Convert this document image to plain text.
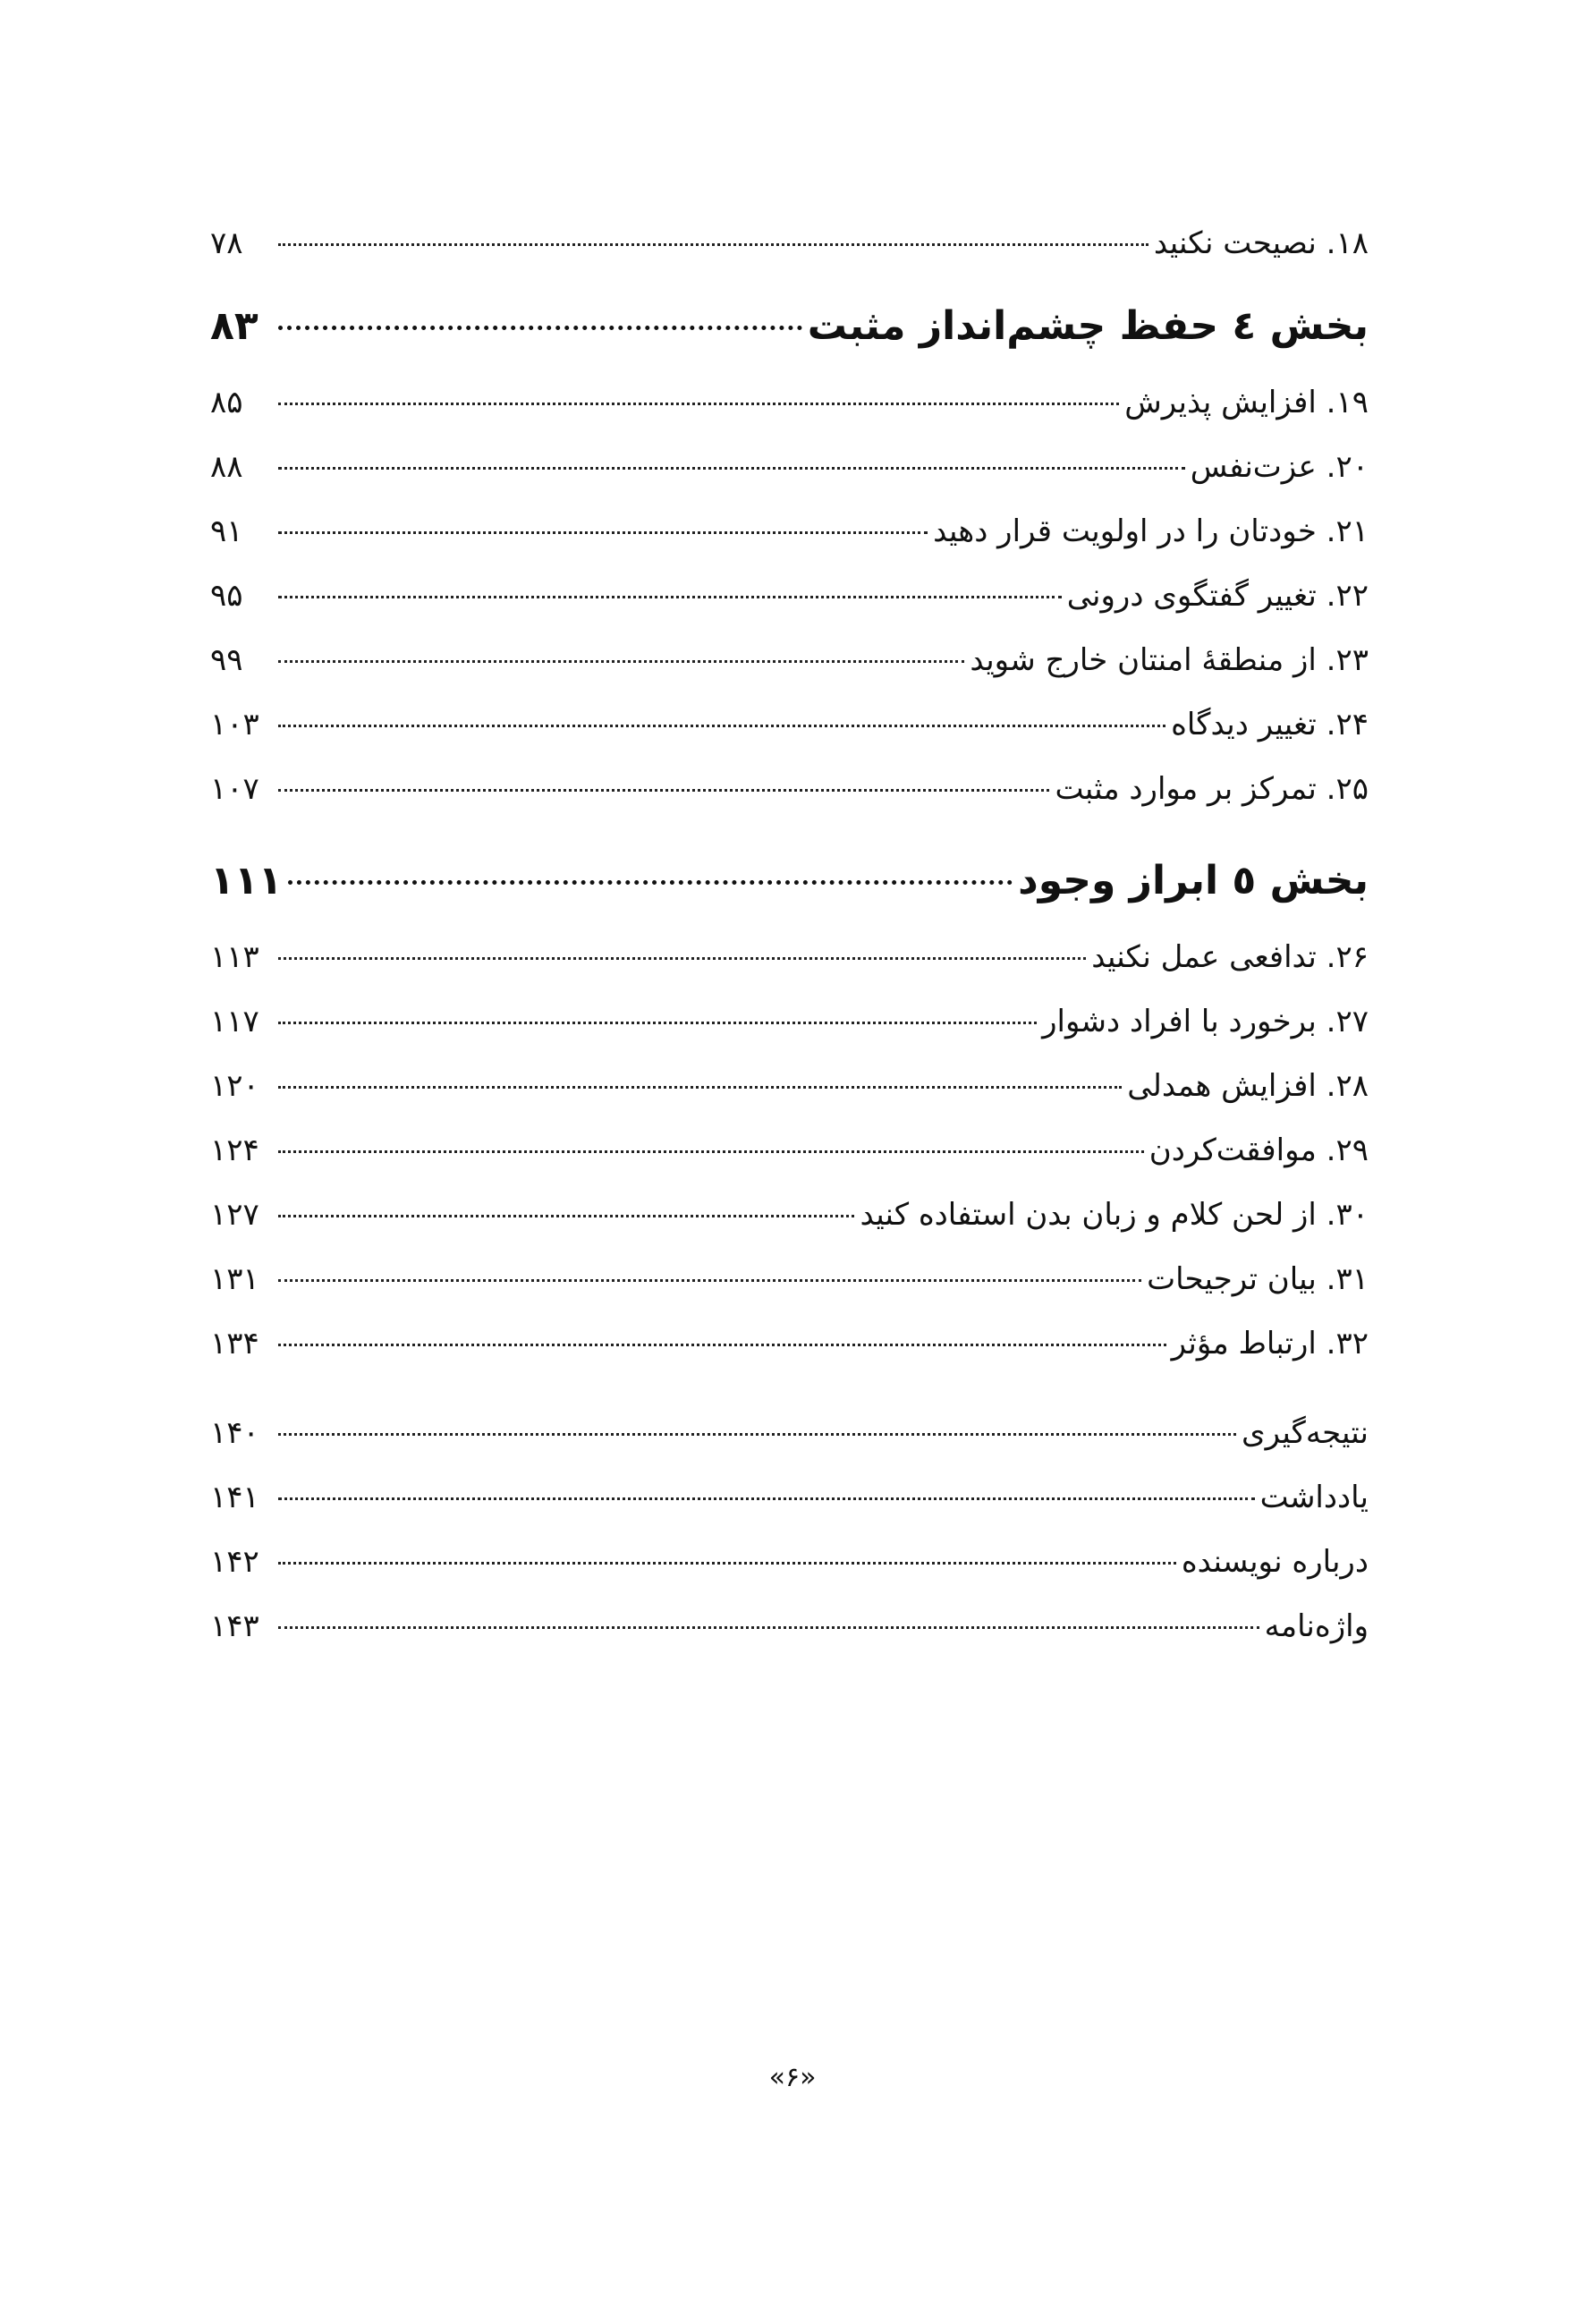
۱۸. نصیحت نکنید
۷۸
بخش ٤ حفظ چشم‌انداز مثبت
۸۳
۱۹. افزایش پذیرش
۸۵
۲۰. عزت‌نفس
۸۸
۲۱. خودتان را در اولویت قرار دهید
۹۱
۲۲. تغییر گفتگوی درونی
۹۵
۲۳. از منطقهٔ امنتان خارج شوید
۹۹
۲۴. تغییر دیدگاه
۱۰۳
۲۵. تمرکز بر موارد مثبت
۱۰۷
بخش ٥ ابراز وجود
۱۱۱
۲۶. تدافعی عمل نکنید
۱۱۳
۲۷. برخورد با افراد دشوار
۱۱۷
۲۸. افزایش همدلی
۱۲۰
۲۹. موافقت‌کردن
۱۲۴
۳۰. از لحن کلام و زبان بدن استفاده کنید
۱۲۷
۳۱. بیان ترجیحات
۱۳۱
۳۲. ارتباط مؤثر
۱۳۴
نتیجه‌گیری
۱۴۰
یادداشت
۱۴۱
درباره نویسنده
۱۴۲
واژه‌نامه
۱۴۳
«۶»
